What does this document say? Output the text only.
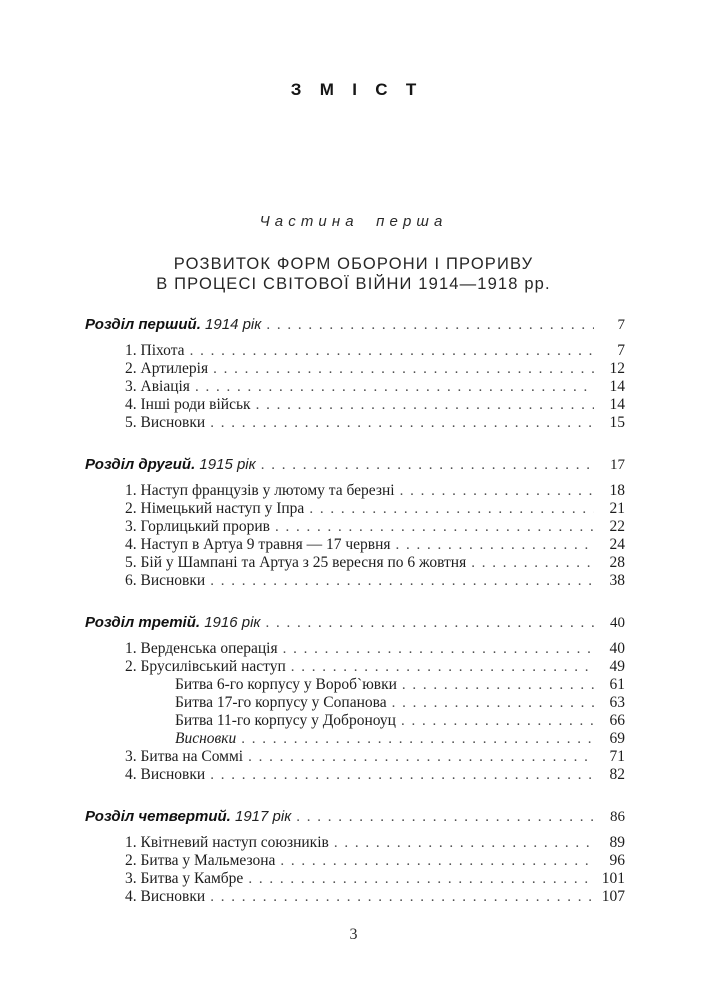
З М І С Т
Частина перша
РОЗВИТОК ФОРМ ОБОРОНИ І ПРОРИВУ
В ПРОЦЕСІ СВІТОВОЇ ВІЙНИ 1914—1918 рр.
Розділ перший. 1914 рік . . .	7
1. Піхота . . .	7
2. Артилерія . . .	12
3. Авіація . . .	14
4. Інші роди військ . . .	14
5. Висновки . . .	15
Розділ другий. 1915 рік . . .	17
1. Наступ французів у лютому та березні . . .	18
2. Німецький наступ у Іпра . . .	21
3. Горлицький прорив . . .	22
4. Наступ в Артуа 9 травня — 17 червня . . .	24
5. Бій у Шампані та Артуа з 25 вересня по 6 жовтня . . .	28
6. Висновки . . .	38
Розділ третій. 1916 рік . . .	40
1. Верденська операція . . .	40
2. Брусилівський наступ . . .	49
Битва 6-го корпусу у Вороб`ювки . . .	61
Битва 17-го корпусу у Сопанова . . .	63
Битва 11-го корпусу у Доброноуц . . .	66
Висновки . . .	69
3. Битва на Соммі . . .	71
4. Висновки . . .	82
Розділ четвертий. 1917 рік . . .	86
1. Квітневий наступ союзників . . .	89
2. Битва у Мальмезона . . .	96
3. Битва у Камбре . . .	101
4. Висновки . . .	107
3
